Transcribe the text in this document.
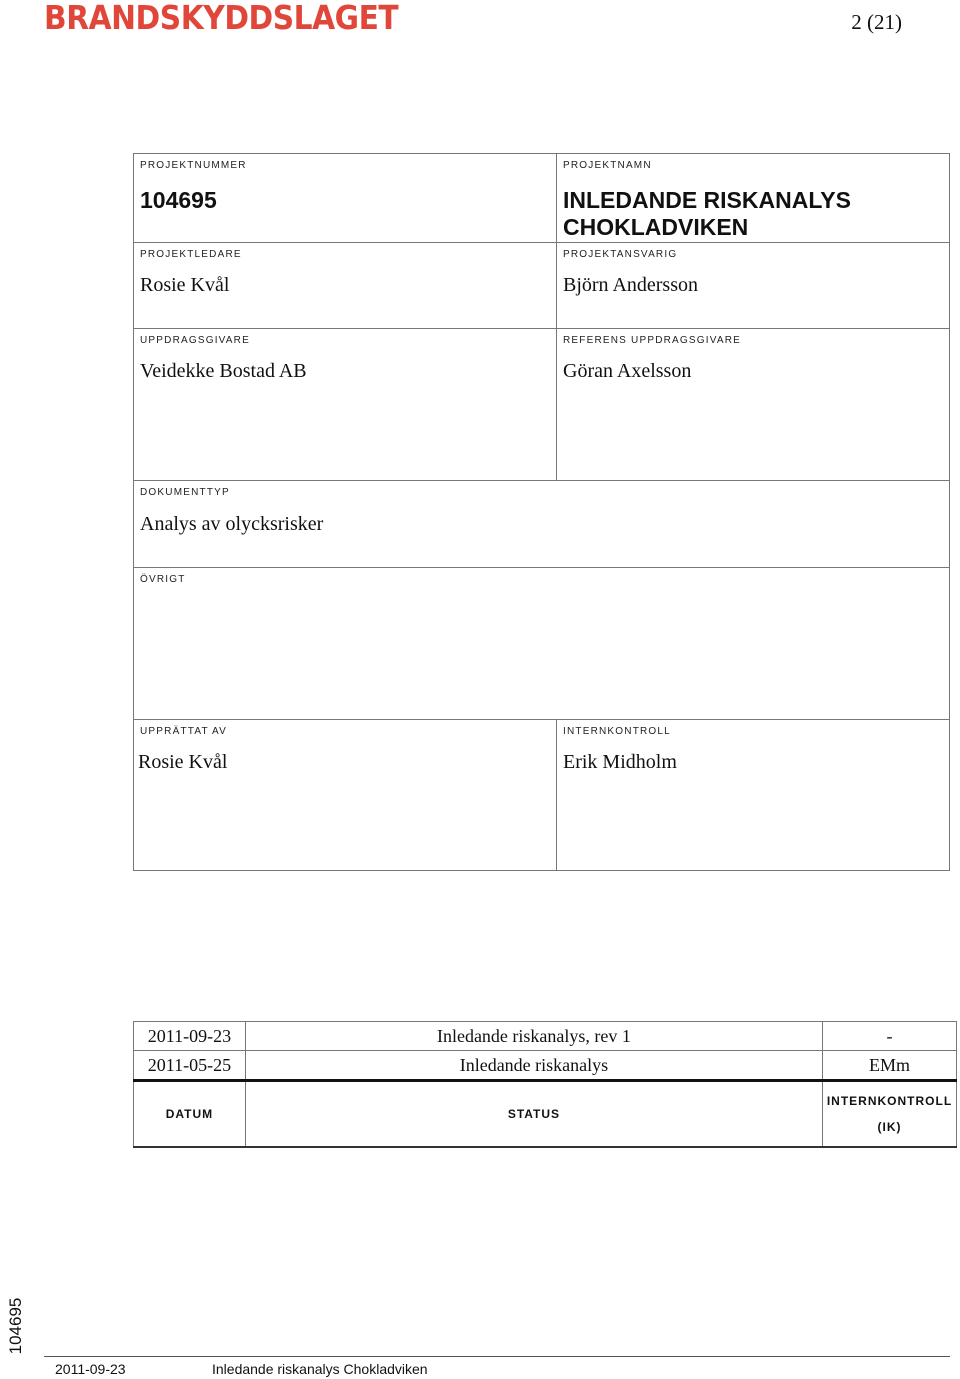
BRANDSKYDDSLAGET	2 (21)
PROJEKTNUMMER
104695
PROJEKTNAMN
INLEDANDE RISKANALYS
CHOKLADVIKEN
PROJEKTLEDARE
Rosie Kvål
PROJEKTANSVARIG
Björn Andersson
UPPDRAGSGIVARE
Veidekke Bostad AB
REFERENS UPPDRAGSGIVARE
Göran Axelsson
DOKUMENTTYP
Analys av olycksrisker
ÖVRIGT
UPPRÄTTAT AV
Rosie Kvål
INTERNKONTROLL
Erik Midholm
2011-09-23	Inledande riskanalys, rev 1	-
2011-05-25	Inledande riskanalys	EMm
DATUM	STATUS	INTERNKONTROLL
(IK)
104695
2011-09-23	Inledande riskanalys Chokladviken
